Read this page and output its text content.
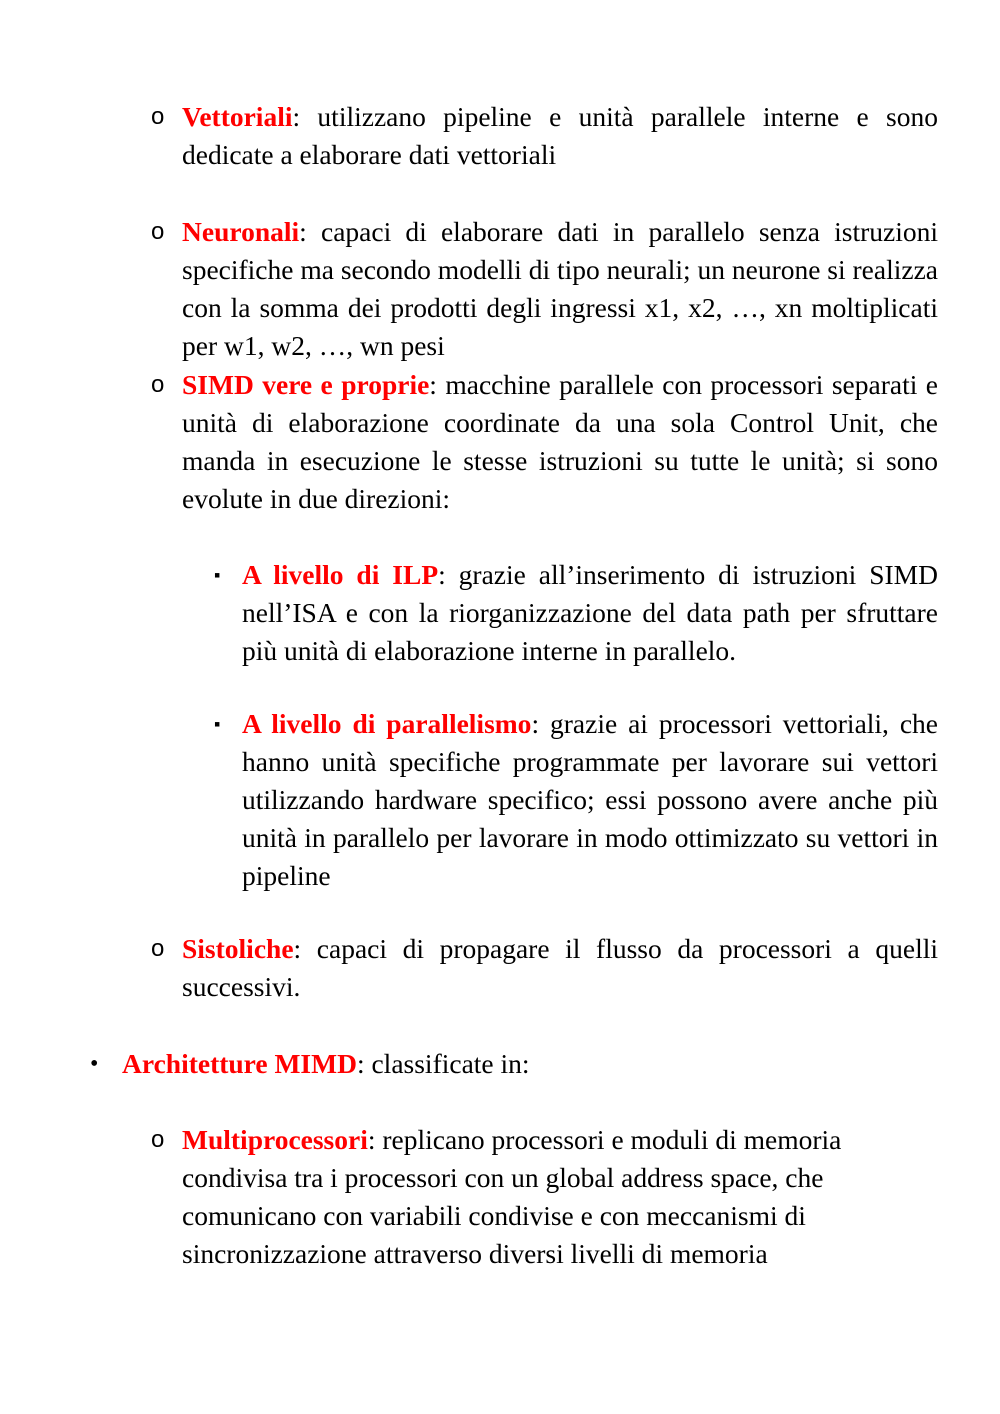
o Vettoriali: utilizzano pipeline e unità parallele interne e sono dedicate a elaborare dati vettoriali
o Neuronali: capaci di elaborare dati in parallelo senza istruzioni specifiche ma secondo modelli di tipo neurali; un neurone si realizza con la somma dei prodotti degli ingressi x1, x2, …, xn moltiplicati per w1, w2, …, wn pesi
o SIMD vere e proprie: macchine parallele con processori separati e unità di elaborazione coordinate da una sola Control Unit, che manda in esecuzione le stesse istruzioni su tutte le unità; si sono evolute in due direzioni:
▪ A livello di ILP: grazie all’inserimento di istruzioni SIMD nell’ISA e con la riorganizzazione del data path per sfruttare più unità di elaborazione interne in parallelo.
▪ A livello di parallelismo: grazie ai processori vettoriali, che hanno unità specifiche programmate per lavorare sui vettori utilizzando hardware specifico; essi possono avere anche più unità in parallelo per lavorare in modo ottimizzato su vettori in pipeline
o Sistoliche: capaci di propagare il flusso da processori a quelli successivi.
• Architetture MIMD: classificate in:
o Multiprocessori: replicano processori e moduli di memoria condivisa tra i processori con un global address space, che comunicano con variabili condivise e con meccanismi di sincronizzazione attraverso diversi livelli di memoria
